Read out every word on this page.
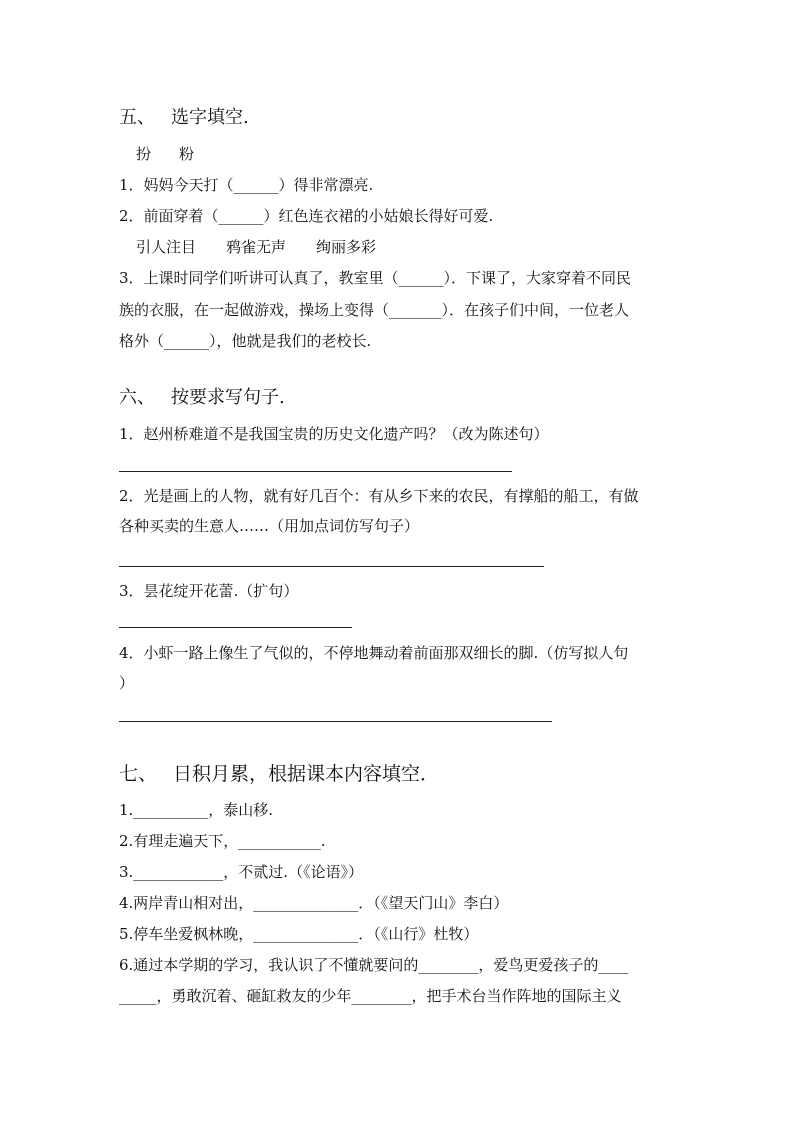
五、 选字填空.
扮 粉
1．妈妈今天打（______）得非常漂亮.
2．前面穿着（______）红色连衣裙的小姑娘长得好可爱.
引人注目 鸦雀无声 绚丽多彩
3．上课时同学们听讲可认真了，教室里（______）．下课了，大家穿着不同民
族的衣服，在一起做游戏，操场上变得（_______）．在孩子们中间，一位老人
格外（______），他就是我们的老校长.
六、 按要求写句子.
1．赵州桥难道不是我国宝贵的历史文化遗产吗？（改为陈述句）
2．光是画上的人物，就有好几百个：有从乡下来的农民，有撑船的船工，有做
各种买卖的生意人……（用加点词仿写句子）
3．昙花绽开花蕾.（扩句）
4．小虾一路上像生了气似的，不停地舞动着前面那双细长的脚.（仿写拟人句
）
七、 日积月累，根据课本内容填空．
1.__________，泰山移.
2.有理走遍天下，___________.
3.____________，不贰过.（《论语》）
4.两岸青山相对出，______________．（《望天门山》李白）
5.停车坐爱枫林晚，______________．（《山行》杜牧）
6.通过本学期的学习，我认识了不懂就要问的________，爱鸟更爱孩子的____
_____，勇敢沉着、砸缸救友的少年________，把手术台当作阵地的国际主义
